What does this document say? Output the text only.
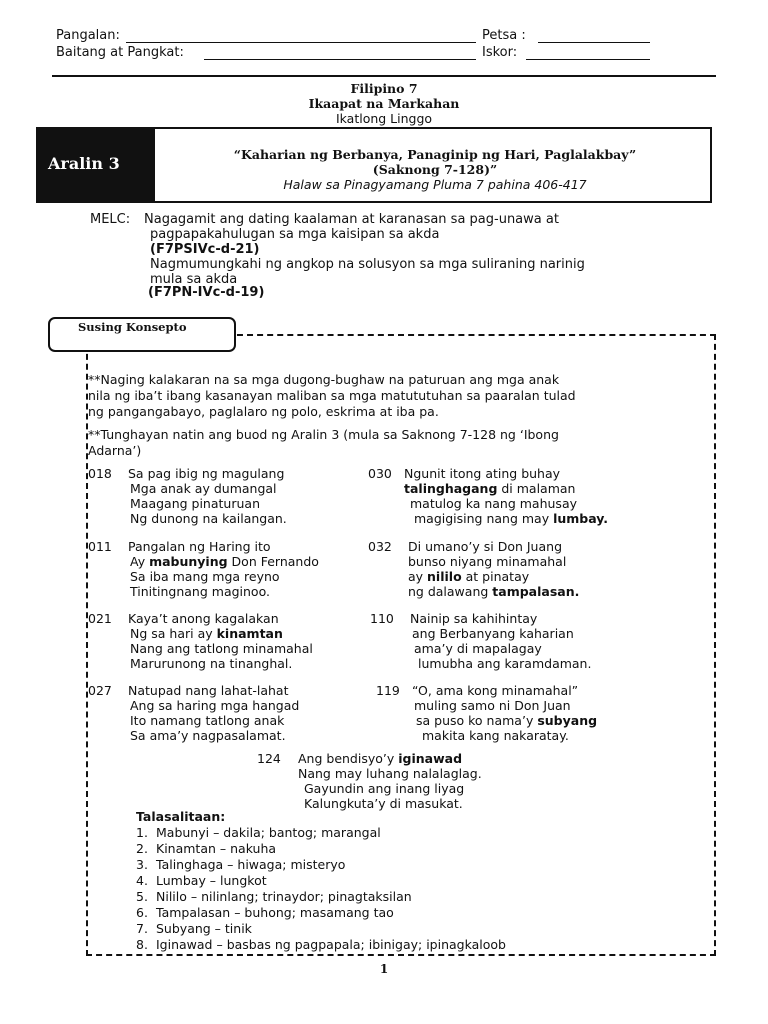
Pangalan:	Petsa :
Baitang at Pangkat:	Iskor:
Filipino 7
Ikaapat na Markahan
Ikatlong Linggo
Aralin 3	“Kaharian ng Berbanya, Panaginip ng Hari, Paglalakbay”
(Saknong 7-128)”
Halaw sa Pinagyamang Pluma 7 pahina 406-417
MELC: Nagagamit ang dating kaalaman at karanasan sa pag-unawa at
pagpapakahulugan sa mga kaisipan sa akda
(F7PSIVc-d-21)
Nagmumungkahi ng angkop na solusyon sa mga suliraning narinig
mula sa akda
(F7PN-IVc-d-19)
Susing Konsepto
**Naging kalakaran na sa mga dugong-bughaw na paturuan ang mga anak
nila ng iba’t ibang kasanayan maliban sa mga matututuhan sa paaralan tulad
ng pangangabayo, paglalaro ng polo, eskrima at iba pa.
**Tunghayan natin ang buod ng Aralin 3 (mula sa Saknong 7-128 ng ‘Ibong
Adarna’)
018 Sa pag ibig ng magulang
Mga anak ay dumangal
Maagang pinaturuan
Ng dunong na kailangan.
030 Ngunit itong ating buhay
talinghagang di malaman
matulog ka nang mahusay
magigising nang may lumbay.
011 Pangalan ng Haring ito
Ay mabunying Don Fernando
Sa iba mang mga reyno
Tinitingnang maginoo.
032 Di umano’y si Don Juang
bunso niyang minamahal
ay nililo at pinatay
ng dalawang tampalasan.
021 Kaya’t anong kagalakan
Ng sa hari ay kinamtan
Nang ang tatlong minamahal
Marurunong na tinanghal.
110 Nainip sa kahihintay
ang Berbanyang kaharian
ama’y di mapalagay
lumubha ang karamdaman.
027 Natupad nang lahat-lahat
Ang sa haring mga hangad
Ito namang tatlong anak
Sa ama’y nagpasalamat.
119 “O, ama kong minamahal”
muling samo ni Don Juan
sa puso ko nama’y subyang
makita kang nakaratay.
124 Ang bendisyo’y iginawad
Nang may luhang nalalaglag.
Gayundin ang inang liyag
Kalungkuta’y di masukat.
Talasalitaan:
1. Mabunyi – dakila; bantog; marangal
2. Kinamtan – nakuha
3. Talinghaga – hiwaga; misteryo
4. Lumbay – lungkot
5. Nililo – nilinlang; trinaydor; pinagtaksilan
6. Tampalasan – buhong; masamang tao
7. Subyang – tinik
8. Iginawad – basbas ng pagpapala; ibinigay; ipinagkaloob
1
